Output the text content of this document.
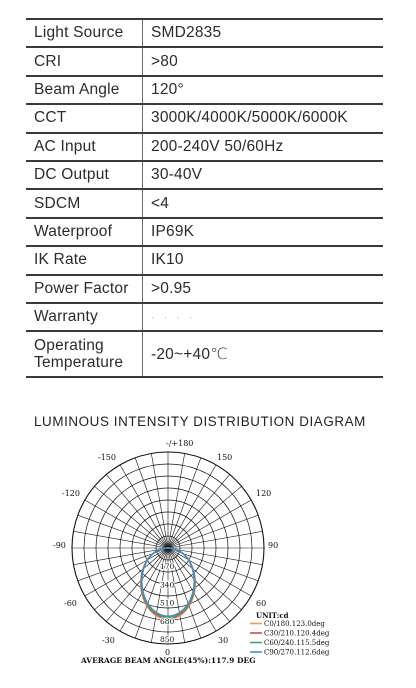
Light Source	SMD2835
CRI	>80
Beam Angle	120°
CCT	3000K/4000K/5000K/6000K
AC Input	200-240V 50/60Hz
DC Output	30-40V
SDCM	<4
Waterproof	IP69K
IK Rate	IK10
Power Factor	>0.95
Warranty	· · · ·
Operating Temperature	-20~+40℃
LUMINOUS INTENSITY DISTRIBUTION DIAGRAM
-/+180
-150	150
-120	120
-90	90
-60	60
-30	30
0
170
340
510
680
850
UNIT:cd
C0/180.123.0deg
C30/210.120.4deg
C60/240.115.5deg
C90/270.112.6deg
AVERAGE BEAM ANGLE(45%):117.9 DEG
